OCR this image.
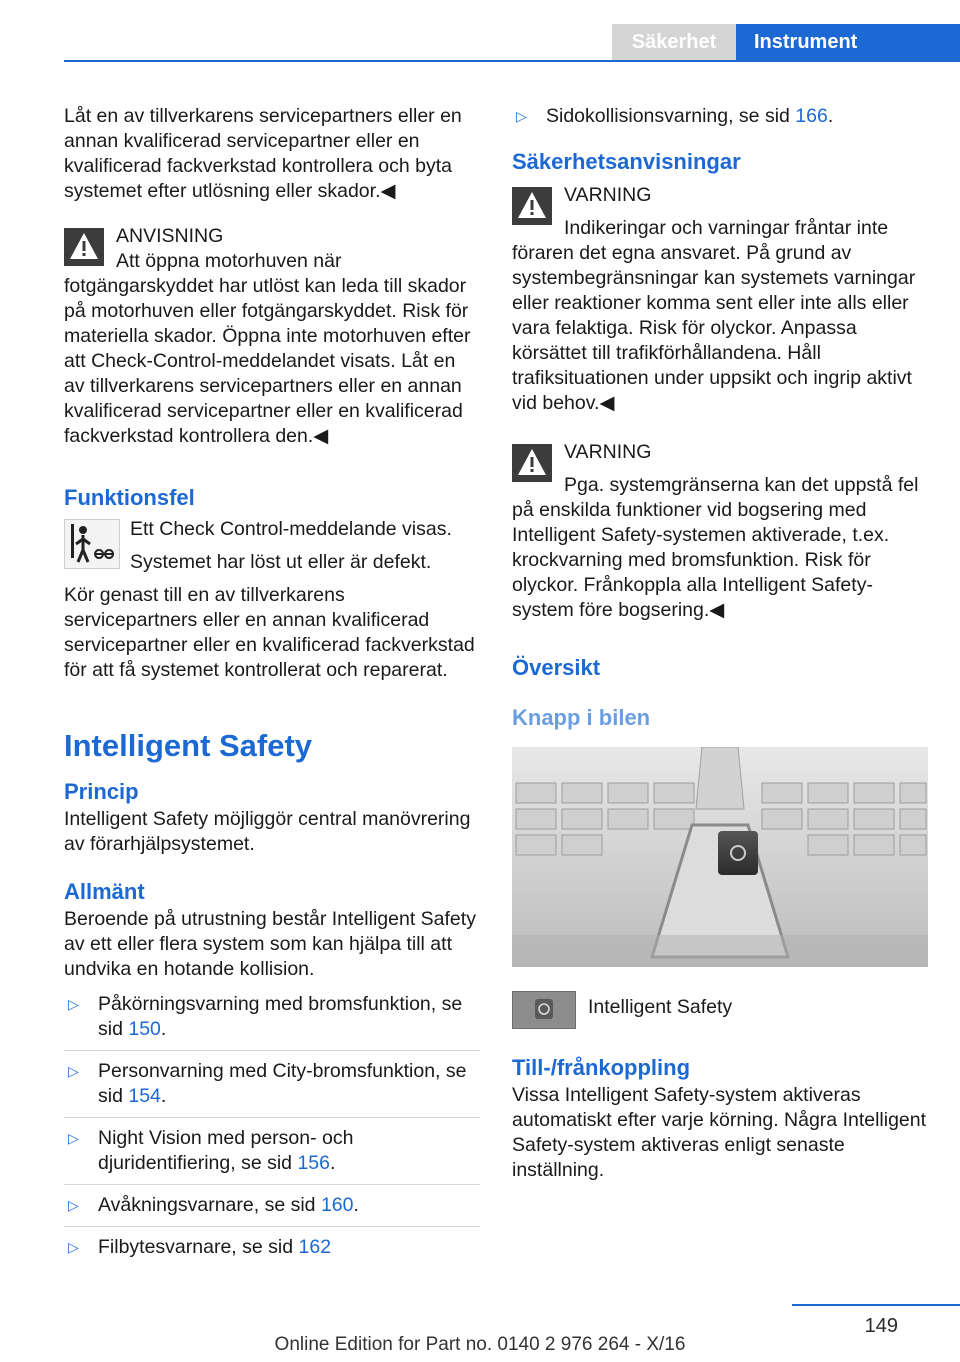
Säkerhet	Instrument

Låt en av tillverkarens servicepartners eller en annan kvalificerad servicepartner eller en kvalificerad fackverkstad kontrollera och byta systemet efter utlösning eller skador.◀

ANVISNING

Att öppna motorhuven när fotgängarskyddet har utlöst kan leda till skador på motorhuven eller fotgängarskyddet. Risk för materiella skador. Öppna inte motorhuven efter att Check-Control-meddelandet visats. Låt en av tillverkarens servicepartners eller en annan kvalificerad servicepartner eller en kvalificerad fackverkstad kontrollera den.◀

Funktionsfel

Ett Check Control-meddelande visas.

Systemet har löst ut eller är defekt.

Kör genast till en av tillverkarens servicepartners eller en annan kvalificerad servicepartner eller en kvalificerad fackverkstad för att få systemet kontrollerat och reparerat.

Intelligent Safety
Princip

Intelligent Safety möjliggör central manövrering av förarhjälpsystemet.

Allmänt

Beroende på utrustning består Intelligent Safety av ett eller flera system som kan hjälpa till att undvika en hotande kollision.

▷ Påkörningsvarning med bromsfunktion, se sid 150.
▷ Personvarning med City-bromsfunktion, se sid 154.
▷ Night Vision med person- och djuridentifiering, se sid 156.
▷ Avåkningsvarnare, se sid 160.
▷ Filbytesvarnare, se sid 162
▷ Sidokollisionsvarning, se sid 166.
Säkerhetsanvisningar

VARNING

Indikeringar och varningar fråntar inte föraren det egna ansvaret. På grund av systembegränsningar kan systemets varningar eller reaktioner komma sent eller inte alls eller vara felaktiga. Risk för olyckor. Anpassa körsättet till trafikförhållandena. Håll trafiksituationen under uppsikt och ingrip aktivt vid behov.◀

VARNING

Pga. systemgränserna kan det uppstå fel på enskilda funktioner vid bogsering med Intelligent Safety-systemen aktiverade, t.ex. krockvarning med bromsfunktion. Risk för olyckor. Frånkoppla alla Intelligent Safety-system före bogsering.◀

Översikt
Knapp i bilen

Intelligent Safety

Till-/frånkoppling

Vissa Intelligent Safety-system aktiveras automatiskt efter varje körning. Några Intelligent Safety-system aktiveras enligt senaste inställning.

149
Online Edition for Part no. 0140 2 976 264 - X/16
